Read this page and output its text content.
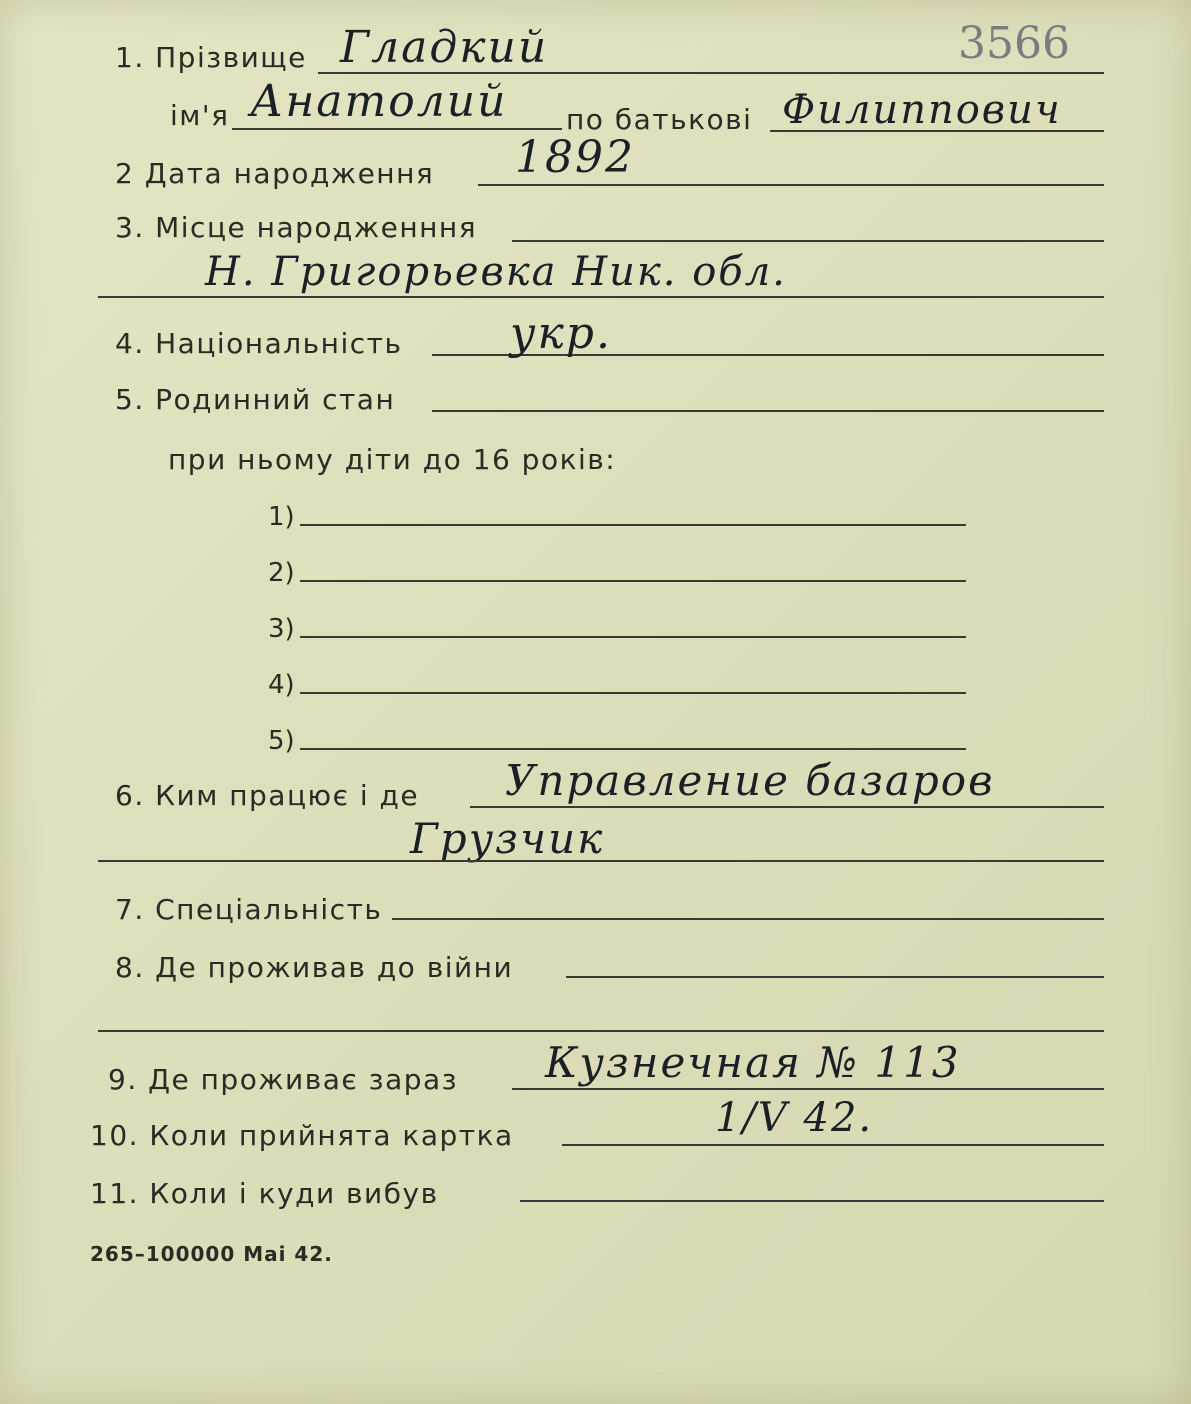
3566
1. Прізвище Гладкий
ім'я Анатолий по батькові Филиппович
2 Дата народження 1892
3. Місце народженння
Н. Григорьевка Ник. обл.
4. Національність укр.
5. Родинний стан
при ньому діти до 16 років:
1)
2)
3)
4)
5)
6. Ким працює і де Управление базаров
Грузчик
7. Спеціальність
8. Де проживав до війни
9. Де проживає зараз Кузнечная № 113
10. Коли прийнята картка	1/V 42.
11. Коли і куди вибув
265–100000 Mai 42.
